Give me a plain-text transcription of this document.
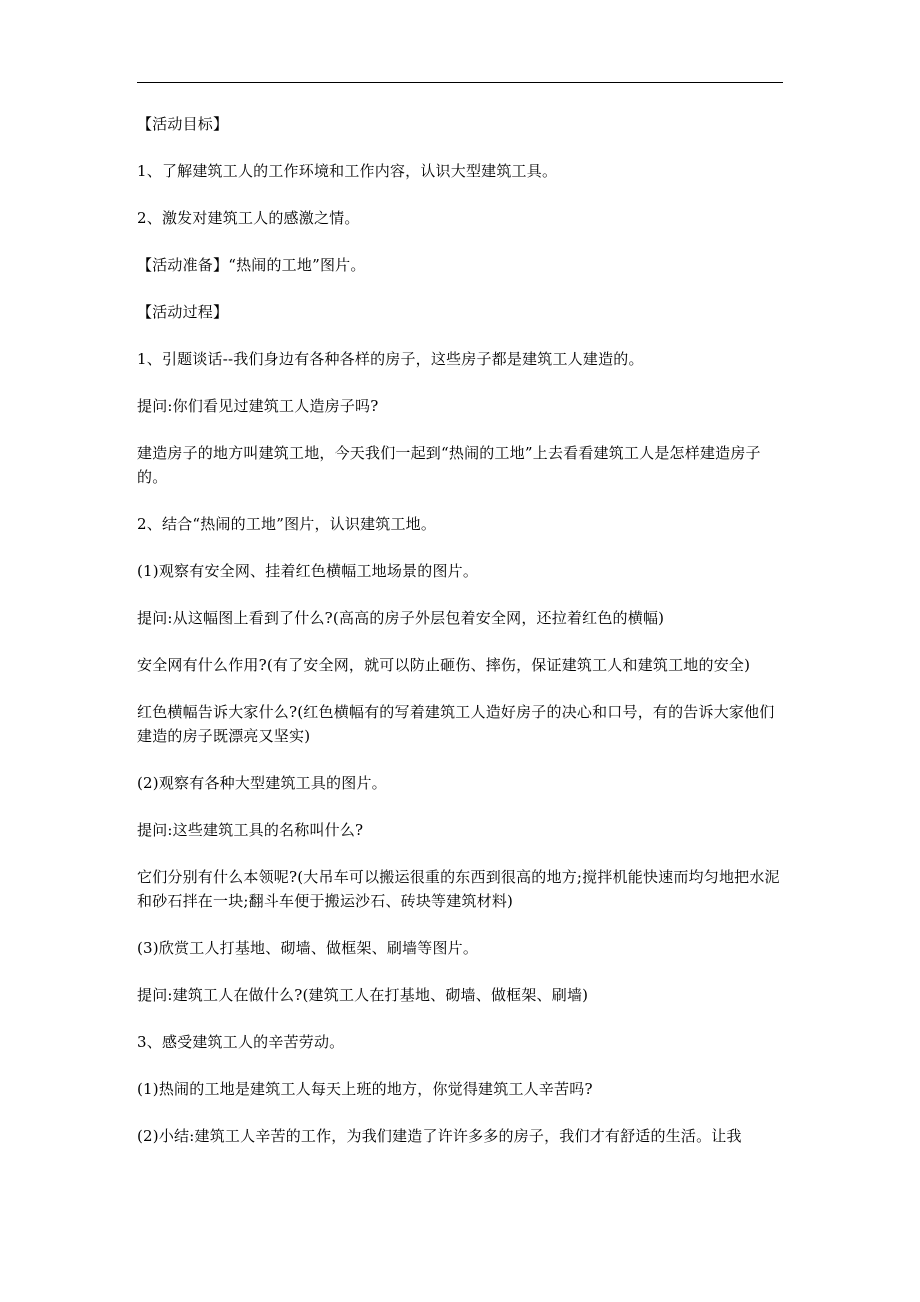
【活动目标】

1、了解建筑工人的工作环境和工作内容，认识大型建筑工具。

2、激发对建筑工人的感激之情。

【活动准备】“热闹的工地”图片。

【活动过程】

1、引题谈话--我们身边有各种各样的房子，这些房子都是建筑工人建造的。

提问:你们看见过建筑工人造房子吗?

建造房子的地方叫建筑工地，今天我们一起到“热闹的工地”上去看看建筑工人是怎样建造房子的。

2、结合“热闹的工地”图片，认识建筑工地。

(1)观察有安全网、挂着红色横幅工地场景的图片。

提问:从这幅图上看到了什么?(高高的房子外层包着安全网，还拉着红色的横幅)

安全网有什么作用?(有了安全网，就可以防止砸伤、摔伤，保证建筑工人和建筑工地的安全)

红色横幅告诉大家什么?(红色横幅有的写着建筑工人造好房子的决心和口号，有的告诉大家他们建造的房子既漂亮又坚实)

(2)观察有各种大型建筑工具的图片。

提问:这些建筑工具的名称叫什么?

它们分别有什么本领呢?(大吊车可以搬运很重的东西到很高的地方;搅拌机能快速而均匀地把水泥和砂石拌在一块;翻斗车便于搬运沙石、砖块等建筑材料)

(3)欣赏工人打基地、砌墙、做框架、刷墙等图片。

提问:建筑工人在做什么?(建筑工人在打基地、砌墙、做框架、刷墙)

3、感受建筑工人的辛苦劳动。

(1)热闹的工地是建筑工人每天上班的地方，你觉得建筑工人辛苦吗?

(2)小结:建筑工人辛苦的工作，为我们建造了许许多多的房子，我们才有舒适的生活。让我
